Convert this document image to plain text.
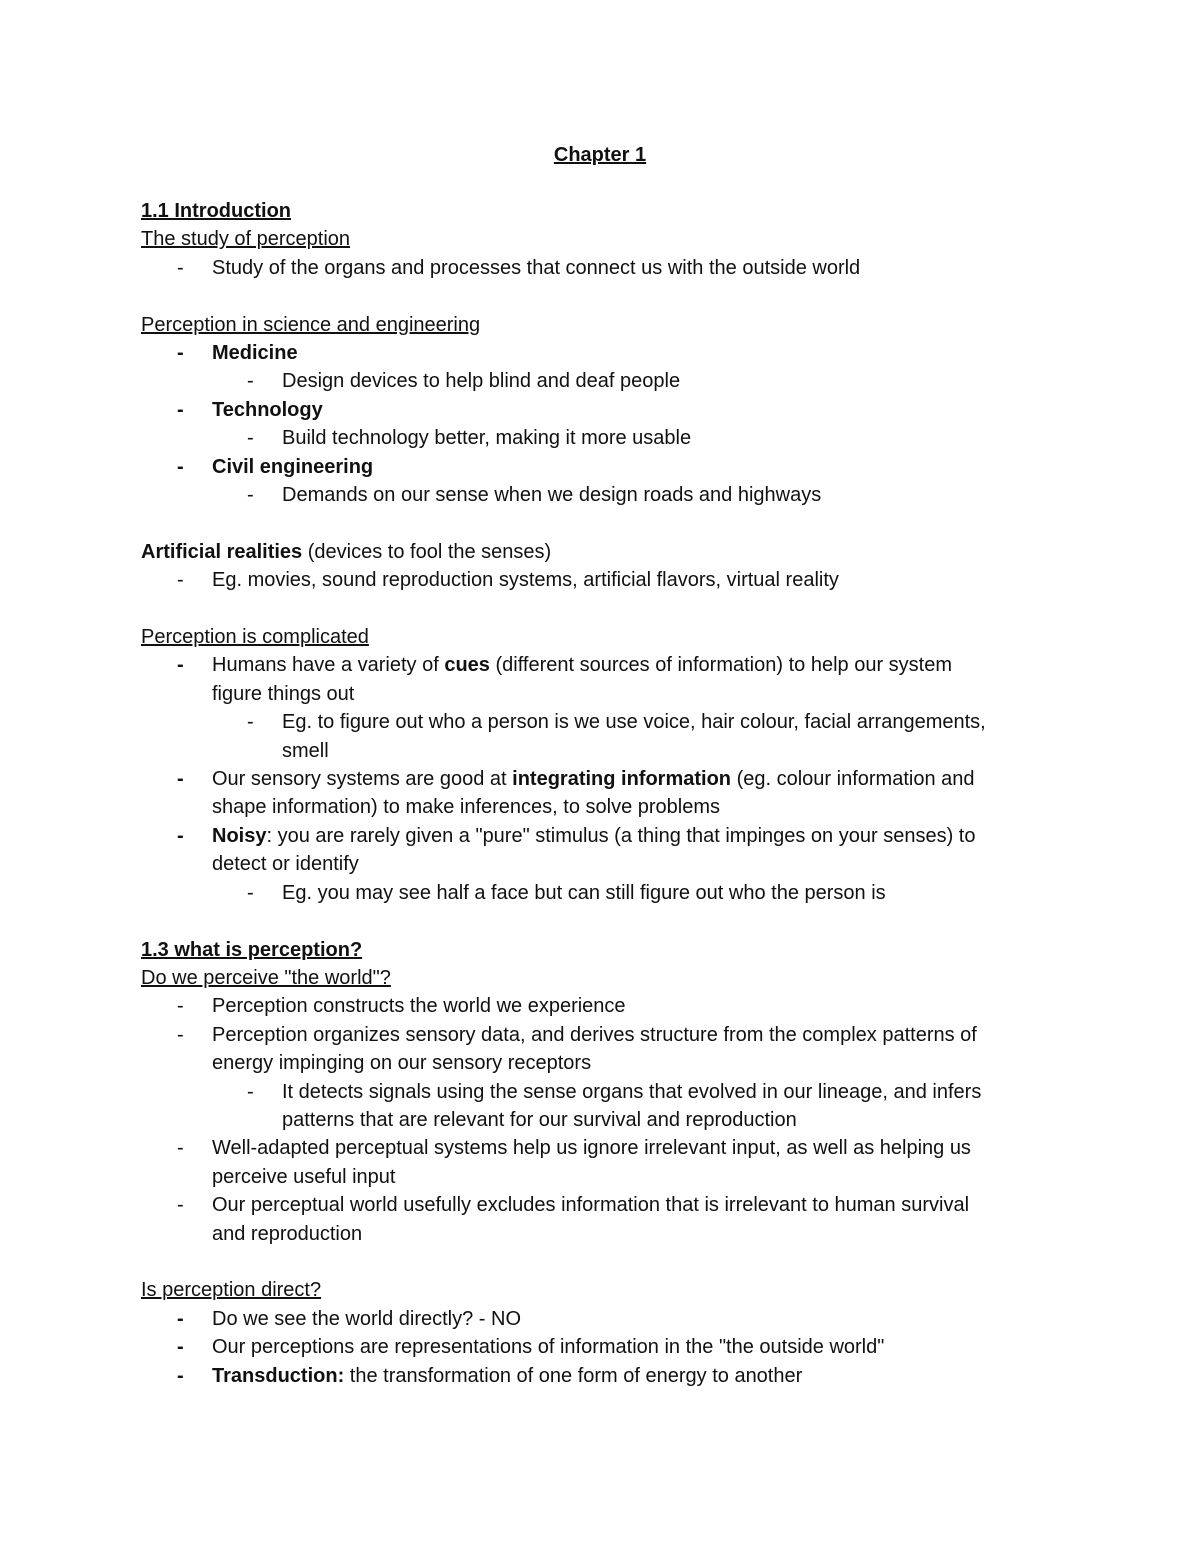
Chapter 1
1.1 Introduction
The study of perception
- Study of the organs and processes that connect us with the outside world
Perception in science and engineering
- Medicine
- Design devices to help blind and deaf people
- Technology
- Build technology better, making it more usable
- Civil engineering
- Demands on our sense when we design roads and highways
Artificial realities (devices to fool the senses)
- Eg. movies, sound reproduction systems, artificial flavors, virtual reality
Perception is complicated
- Humans have a variety of cues (different sources of information) to help our system
figure things out
- Eg. to figure out who a person is we use voice, hair colour, facial arrangements,
smell
- Our sensory systems are good at integrating information (eg. colour information and
shape information) to make inferences, to solve problems
- Noisy: you are rarely given a "pure" stimulus (a thing that impinges on your senses) to
detect or identify
- Eg. you may see half a face but can still figure out who the person is
1.3 what is perception?
Do we perceive "the world"?
- Perception constructs the world we experience
- Perception organizes sensory data, and derives structure from the complex patterns of
energy impinging on our sensory receptors
- It detects signals using the sense organs that evolved in our lineage, and infers
patterns that are relevant for our survival and reproduction
- Well-adapted perceptual systems help us ignore irrelevant input, as well as helping us
perceive useful input
- Our perceptual world usefully excludes information that is irrelevant to human survival
and reproduction
Is perception direct?
- Do we see the world directly? - NO
- Our perceptions are representations of information in the "the outside world"
- Transduction: the transformation of one form of energy to another
